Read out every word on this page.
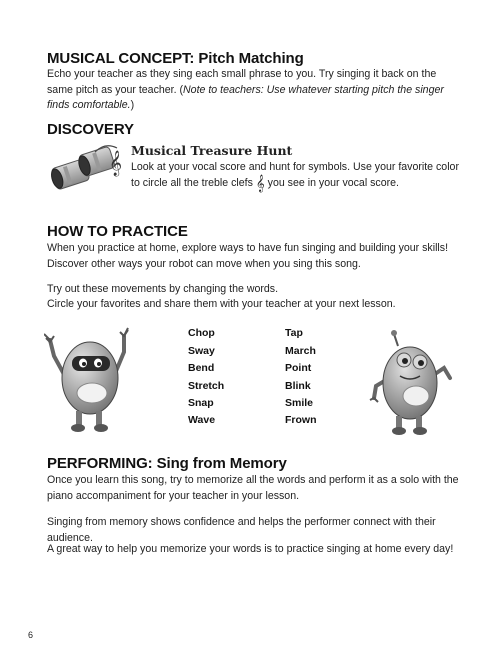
MUSICAL CONCEPT: Pitch Matching

Echo your teacher as they sing each small phrase to you. Try singing it back on the same pitch as your teacher. (Note to teachers: Use whatever starting pitch the singer finds comfortable.)

DISCOVERY
𝄞
Musical Treasure Hunt

Look at your vocal score and hunt for symbols. Use your favorite color to circle all the treble clefs 𝄞 you see in your vocal score.

HOW TO PRACTICE

When you practice at home, explore ways to have fun singing and building your skills! Discover other ways your robot can move when you sing this song.

Try out these movements by changing the words.

Circle your favorites and share them with your teacher at your next lesson.

Chop
Sway
Bend
Stretch
Snap
Wave
Tap
March
Point
Blink
Smile
Frown
PERFORMING: Sing from Memory

Once you learn this song, try to memorize all the words and perform it as a solo with the piano accompaniment for your teacher in your lesson.

Singing from memory shows confidence and helps the performer connect with their audience.

A great way to help you memorize your words is to practice singing at home every day!

6
